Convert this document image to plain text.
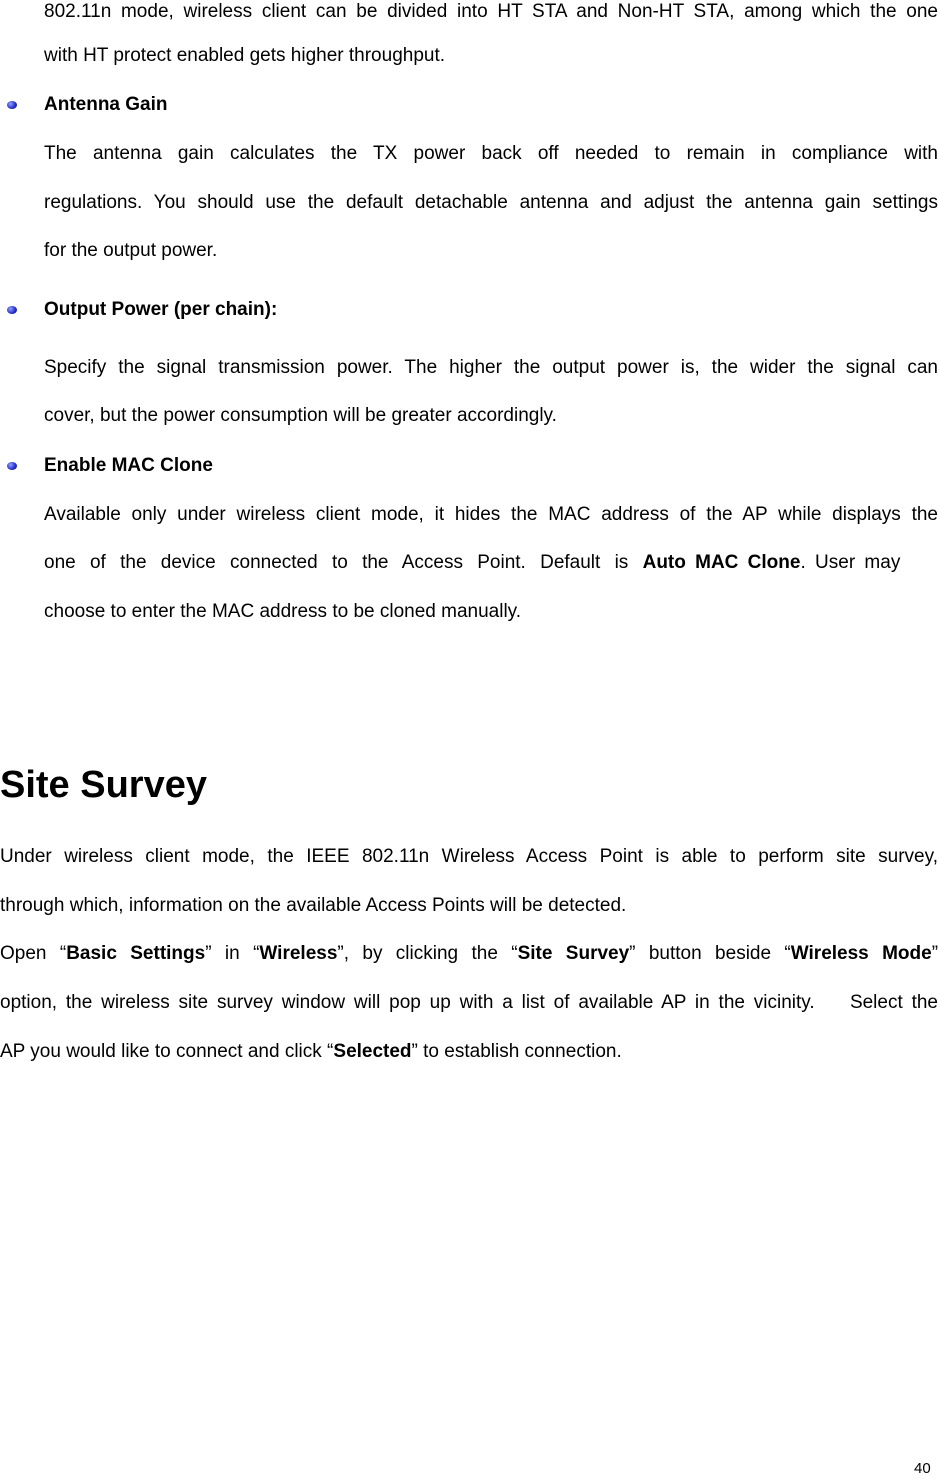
802.11n mode, wireless client can be divided into HT STA and Non-HT STA, among which the one
with HT protect enabled gets higher throughput.
Antenna Gain
The antenna gain calculates the TX power back off needed to remain in compliance with
regulations. You should use the default detachable antenna and adjust the antenna gain settings
for the output power.
Output Power (per chain):
Specify the signal transmission power. The higher the output power is, the wider the signal can
cover, but the power consumption will be greater accordingly.
Enable MAC Clone
Available only under wireless client mode, it hides the MAC address of the AP while displays the
one of the device connected to the Access Point. Default is Auto MAC Clone. User may
choose to enter the MAC address to be cloned manually.
Site Survey
Under wireless client mode, the IEEE 802.11n Wireless Access Point is able to perform site survey,
through which, information on the available Access Points will be detected.
Open “Basic Settings” in “Wireless”, by clicking the “Site Survey” button beside “Wireless Mode”
option, the wireless site survey window will pop up with a list of available AP in the vicinity.    Select the
AP you would like to connect and click “Selected” to establish connection.
40
